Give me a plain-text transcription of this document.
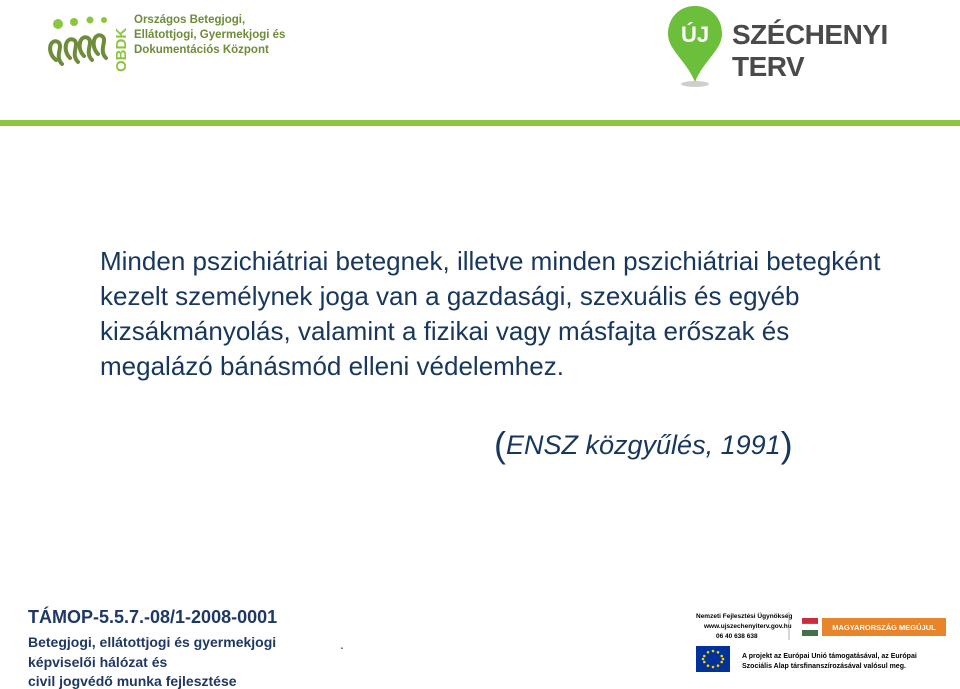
OBDK
Országos Betegjogi,
Ellátottjogi, Gyermekjogi és
Dokumentációs Központ
ÚJ SZÉCHENYI TERV
Minden pszichiátriai betegnek, illetve minden pszichiátriai betegként kezelt személynek joga van a gazdasági, szexuális és egyéb kizsákmányolás, valamint a fizikai vagy másfajta erőszak és megalázó bánásmód elleni védelemhez.
(ENSZ közgyűlés, 1991)
TÁMOP-5.5.7.-08/1-2008-0001
Betegjogi, ellátottjogi és gyermekjogi
képviselői hálózat és
civil jogvédő munka fejlesztése
.
Nemzeti Fejlesztési Ügynökség
www.ujszechenyiterv.gov.hu
06 40 638 638
MAGYARORSZÁG MEGÚJUL
A projekt az Európai Unió támogatásával, az Európai
Szociális Alap társfinanszírozásával valósul meg.
